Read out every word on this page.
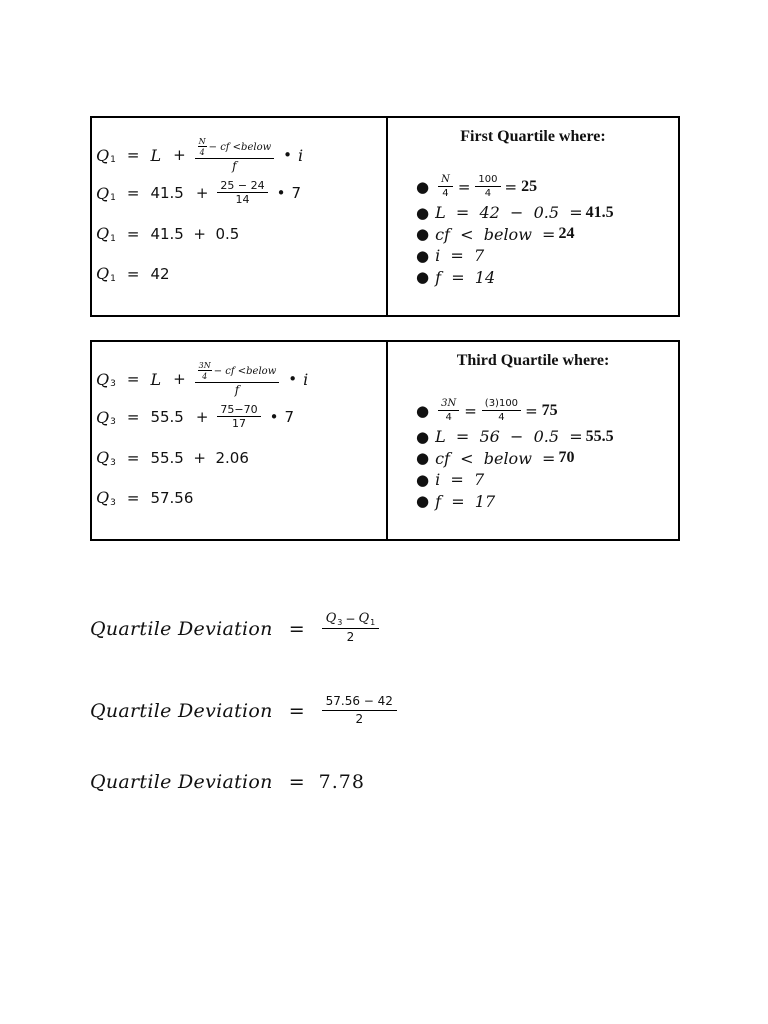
Q $1 = L + \frac{\frac{N}{4} - cf <below}{f}$ • i
Q $1 = 41.5 + \frac{25 - 24}{14}$ • 7
Q 1 = 41.5  +  0.5
Q 1 = 42
First Quartile where:
● $\frac{N}{4} = \frac{100}{4} = 25$
● L  =  42  −  0.5  = 41.5
● cf  <  below  = 24
● i  =  7
● f  =  14
Q $3 = L + \frac{\frac{3N}{4} - cf <below}{f}$ • i
Q $3 = 55.5 + \frac{75-70}{17}$ • 7
Q 3 = 55.5  +  2.06
Q 3 = 57.56
Third Quartile where:
● $\frac{3N}{4} = \frac{(3)100}{4} = 75$
● L  =  56  −  0.5  = 55.5
● cf  <  below  = 70
● i  =  7
● f  =  17
Quartile Deviation = $\frac{Q 3 - Q 1}{2}$
Quartile Deviation = $\frac{57.56 - 42}{2}$
Quartile Deviation = 7.78
